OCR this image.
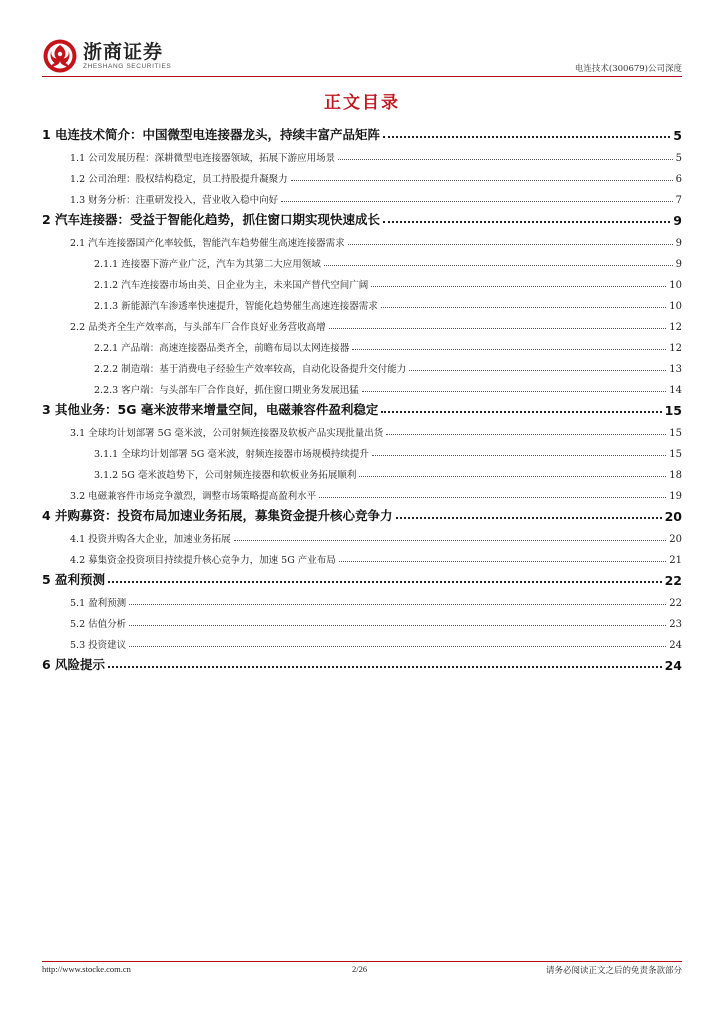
浙商证券
ZHESHANG SECURITIES	电连技术(300679)公司深度
正文目录
1 电连技术简介：中国微型电连接器龙头，持续丰富产品矩阵	5
1.1 公司发展历程：深耕微型电连接器领域，拓展下游应用场景	5
1.2 公司治理：股权结构稳定，员工持股提升凝聚力	6
1.3 财务分析：注重研发投入，营业收入稳中向好	7
2 汽车连接器：受益于智能化趋势，抓住窗口期实现快速成长	9
2.1 汽车连接器国产化率较低，智能汽车趋势催生高速连接器需求	9
2.1.1 连接器下游产业广泛，汽车为其第二大应用领域	9
2.1.2 汽车连接器市场由美、日企业为主，未来国产替代空间广阔	10
2.1.3 新能源汽车渗透率快速提升，智能化趋势催生高速连接器需求	10
2.2 品类齐全生产效率高，与头部车厂合作良好业务营收高增	12
2.2.1 产品端：高速连接器品类齐全，前瞻布局以太网连接器	12
2.2.2 制造端：基于消费电子经验生产效率较高，自动化设备提升交付能力	13
2.2.3 客户端：与头部车厂合作良好，抓住窗口期业务发展迅猛	14
3 其他业务：5G 毫米波带来增量空间，电磁兼容件盈利稳定	15
3.1 全球均计划部署 5G 毫米波，公司射频连接器及软板产品实现批量出货	15
3.1.1 全球均计划部署 5G 毫米波，射频连接器市场规模持续提升	15
3.1.2 5G 毫米波趋势下，公司射频连接器和软板业务拓展顺利	18
3.2 电磁兼容件市场竞争激烈，调整市场策略提高盈利水平	19
4 并购募资：投资布局加速业务拓展，募集资金提升核心竞争力	20
4.1 投资并购各大企业，加速业务拓展	20
4.2 募集资金投资项目持续提升核心竞争力，加速 5G 产业布局	21
5 盈利预测	22
5.1 盈利预测	22
5.2 估值分析	23
5.3 投资建议	24
6 风险提示	24
http://www.stocke.com.cn	2/26	请务必阅读正文之后的免责条款部分
